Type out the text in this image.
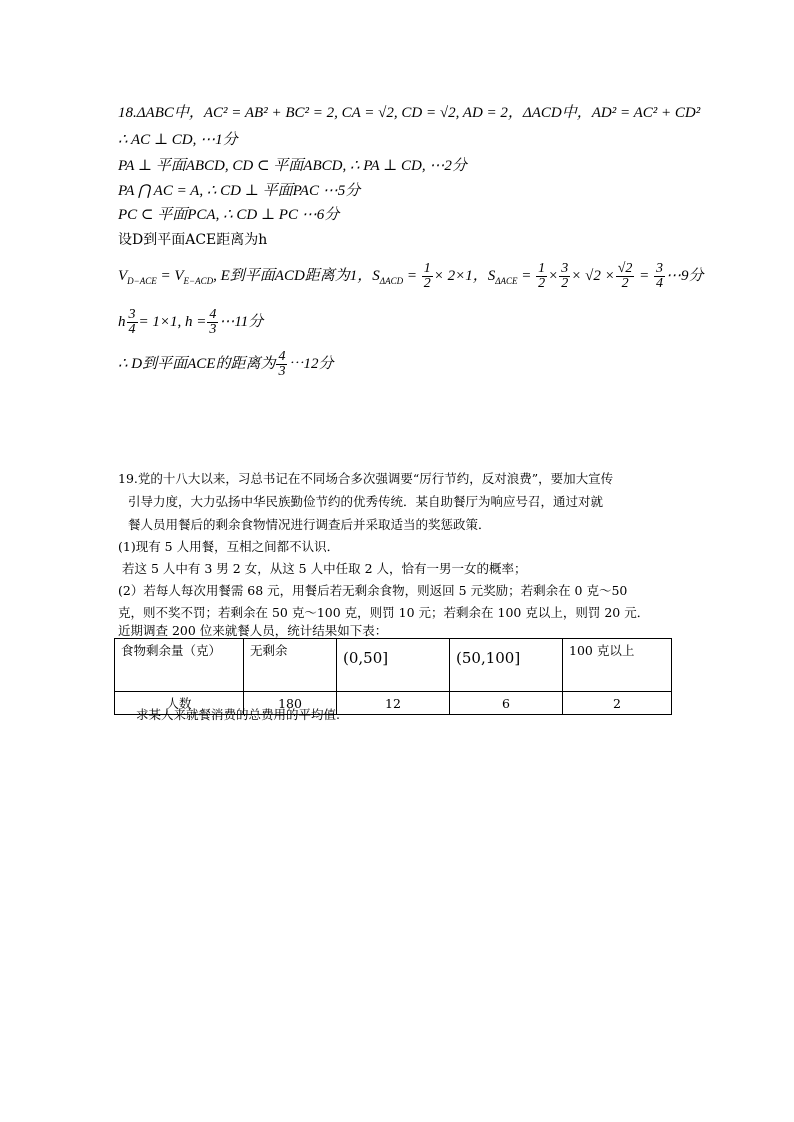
18.ΔABC中，AC² = AB² + BC² = 2, CA = √2, CD = √2, AD = 2，ΔACD中，AD² = AC² + CD²
∴ AC ⊥ CD, ⋯1分
PA ⊥ 平面ABCD, CD ⊂ 平面ABCD, ∴ PA ⊥ CD, ⋯2分
PA ⋂ AC = A, ∴ CD ⊥ 平面PAC ⋯5分
PC ⊂ 平面PCA, ∴ CD ⊥ PC ⋯6分
设D到平面ACE距离为h
$V_{D-ACE} = V_{E-ACD}$, E到平面ACD距离为1，$S_{\Delta ACD} = \frac{1}{2} \times 2\times 1$，$S_{\Delta ACE} = \frac{1}{2} \times \frac{3}{2} \times √2 \times \frac{√2}{2} = \frac{3}{4}$ ⋯9分
h $\frac{3}{4} = 1\times 1$, $h = \frac{4}{3}$ ⋯11分
∴ D到平面ACE的距离为 $\frac{4}{3}$ ⋯12分
19.党的十八大以来，习总书记在不同场合多次强调要“厉行节约，反对浪费”，要加大宣传
引导力度，大力弘扬中华民族勤俭节约的优秀传统．某自助餐厅为响应号召，通过对就
餐人员用餐后的剩余食物情况进行调查后并采取适当的奖惩政策．
(1)现有 5 人用餐，互相之间都不认识．
若这 5 人中有 3 男 2 女，从这 5 人中任取 2 人，恰有一男一女的概率；
(2）若每人每次用餐需 68 元，用餐后若无剩余食物，则返回 5 元奖励；若剩余在 0 克～50
克，则不奖不罚；若剩余在 50 克～100 克，则罚 10 元；若剩余在 100 克以上，则罚 20 元．
近期调查 200 位来就餐人员，统计结果如下表：
食物剩余量（克）	无剩余	(0,50]	(50,100]	100 克以上
人数	180	12	6	2
求某人来就餐消费的总费用的平均值.
